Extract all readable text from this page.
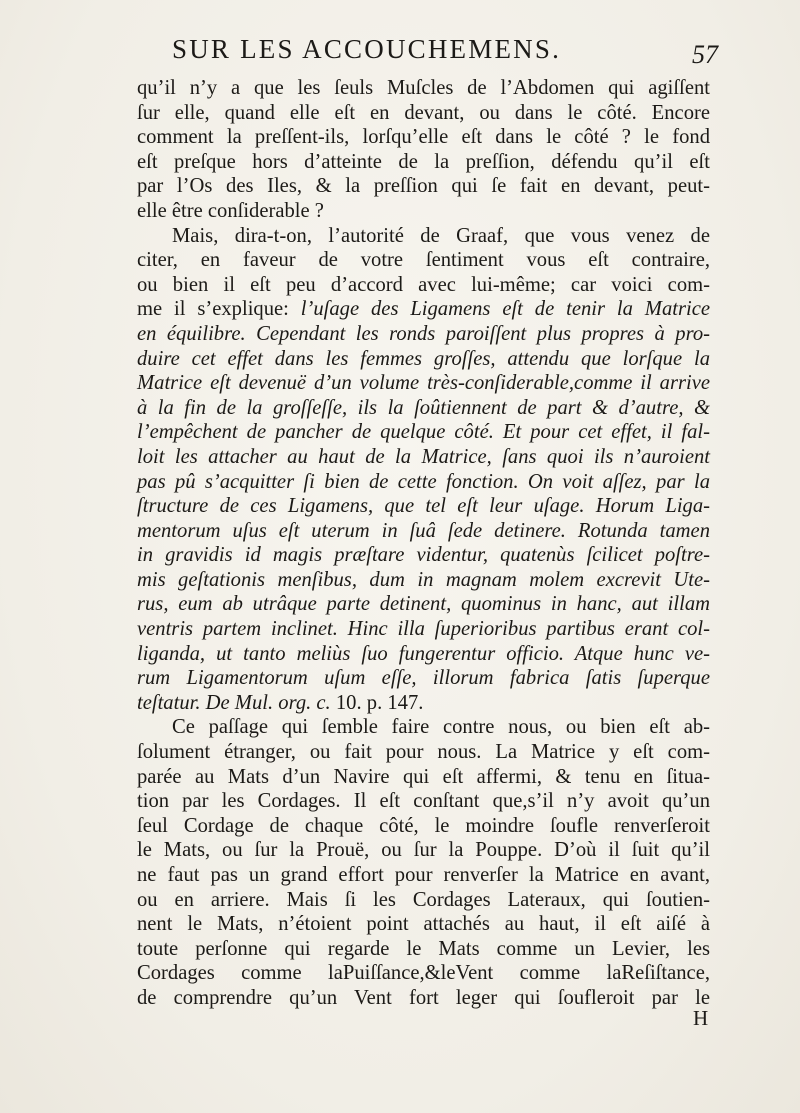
SUR LES ACCOUCHEMENS.	57
qu’il n’y a que les ſeuls Muſcles de l’Abdomen qui agiſſent
ſur elle, quand elle eſt en devant, ou dans le côté. Encore
comment la preſſent-ils, lorſqu’elle eſt dans le côté ? le fond
eſt preſque hors d’atteinte de la preſſion, défendu qu’il eſt
par l’Os des Iles, & la preſſion qui ſe fait en devant, peut-
elle être conſiderable ?
Mais, dira-t-on, l’autorité de Graaf, que vous venez de
citer, en faveur de votre ſentiment vous eſt contraire,
ou bien il eſt peu d’accord avec lui-même; car voici com-
me il s’explique: l’uſage des Ligamens eſt de tenir la Matrice
en équilibre. Cependant les ronds paroiſſent plus propres à pro-
duire cet effet dans les femmes groſſes, attendu que lorſque la
Matrice eſt devenuë d’un volume très-conſiderable,comme il arrive
à la fin de la groſſeſſe, ils la ſoûtiennent de part & d’autre, &
l’empêchent de pancher de quelque côté. Et pour cet effet, il fal-
loit les attacher au haut de la Matrice, ſans quoi ils n’auroient
pas pû s’acquitter ſi bien de cette fonction. On voit aſſez, par la
ſtructure de ces Ligamens, que tel eſt leur uſage. Horum Liga-
mentorum uſus eſt uterum in ſuâ ſede detinere. Rotunda tamen
in gravidis id magis præſtare videntur, quatenùs ſcilicet poſtre-
mis geſtationis menſibus, dum in magnam molem excrevit Ute-
rus, eum ab utrâque parte detinent, quominus in hanc, aut illam
ventris partem inclinet. Hinc illa ſuperioribus partibus erant col-
liganda, ut tanto meliùs ſuo fungerentur officio. Atque hunc ve-
rum Ligamentorum uſum eſſe, illorum fabrica ſatis ſuperque
teſtatur. De Mul. org. c. 10. p. 147.
Ce paſſage qui ſemble faire contre nous, ou bien eſt ab-
ſolument étranger, ou fait pour nous. La Matrice y eſt com-
parée au Mats d’un Navire qui eſt affermi, & tenu en ſitua-
tion par les Cordages. Il eſt conſtant que,s’il n’y avoit qu’un
ſeul Cordage de chaque côté, le moindre ſoufle renverſeroit
le Mats, ou ſur la Prouë, ou ſur la Pouppe. D’où il ſuit qu’il
ne faut pas un grand effort pour renverſer la Matrice en avant,
ou en arriere. Mais ſi les Cordages Lateraux, qui ſoutien-
nent le Mats, n’étoient point attachés au haut, il eſt aiſé à
toute perſonne qui regarde le Mats comme un Levier, les
Cordages comme laPuiſſance,&leVent comme laReſiſtance,
de comprendre qu’un Vent fort leger qui ſoufleroit par le
H
